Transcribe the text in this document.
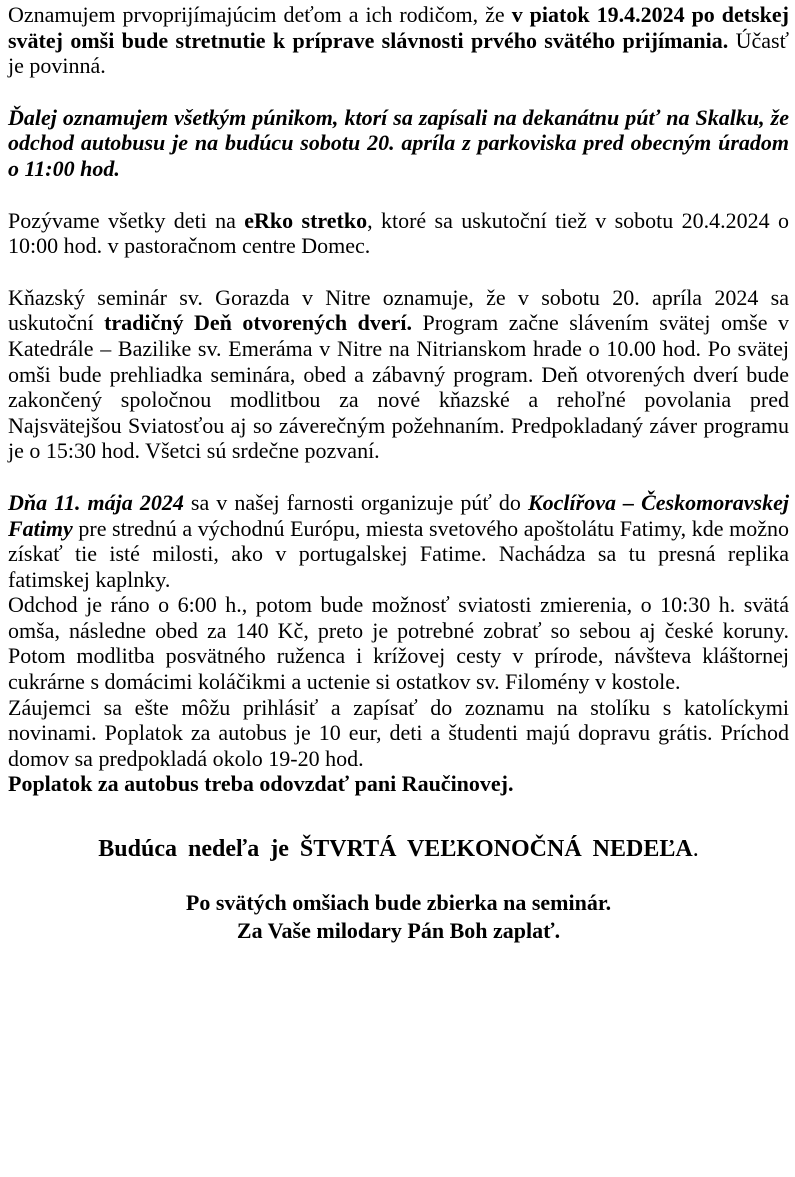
Oznamujem prvoprijímajúcim deťom a ich rodičom, že v piatok 19.4.2024 po detskej svätej omši bude stretnutie k príprave slávnosti prvého svätého prijímania. Účasť je povinná.

Ďalej oznamujem všetkým púnikom, ktorí sa zapísali na dekanátnu púť na Skalku, že odchod autobusu je na budúcu sobotu 20. apríla z parkoviska pred obecným úradom o 11:00 hod.

Pozývame všetky deti na eRko stretko, ktoré sa uskutoční tiež v sobotu 20.4.2024 o 10:00 hod. v pastoračnom centre Domec.

Kňazský seminár sv. Gorazda v Nitre oznamuje, že v sobotu 20. apríla 2024 sa uskutoční tradičný Deň otvorených dverí. Program začne slávením svätej omše v Katedrále – Bazilike sv. Emeráma v Nitre na Nitrianskom hrade o 10.00 hod. Po svätej omši bude prehliadka seminára, obed a zábavný program. Deň otvorených dverí bude zakončený spoločnou modlitbou za nové kňazské a rehoľné povolania pred Najsvätejšou Sviatosťou aj so záverečným požehnaním. Predpokladaný záver programu je o 15:30 hod. Všetci sú srdečne pozvaní.

Dňa 11. mája 2024 sa v našej farnosti organizuje púť do Koclířova – Českomoravskej Fatimy pre strednú a východnú Európu, miesta svetového apoštolátu Fatimy, kde možno získať tie isté milosti, ako v portugalskej Fatime. Nachádza sa tu presná replika fatimskej kaplnky.

Odchod je ráno o 6:00 h., potom bude možnosť sviatosti zmierenia, o 10:30 h. svätá omša, následne obed za 140 Kč, preto je potrebné zobrať so sebou aj české koruny. Potom modlitba posvätného ruženca i krížovej cesty v prírode, návšteva kláštornej cukrárne s domácimi koláčikmi a uctenie si ostatkov sv. Filomény v kostole.

Záujemci sa ešte môžu prihlásiť a zapísať do zoznamu na stolíku s katolíckymi novinami. Poplatok za autobus je 10 eur, deti a študenti majú dopravu grátis. Príchod domov sa predpokladá okolo 19-20 hod.

Poplatok za autobus treba odovzdať pani Raučinovej.

Budúca nedeľa je ŠTVRTÁ VEĽKONOČNÁ NEDEĽA.

Po svätých omšiach bude zbierka na seminár.
Za Vaše milodary Pán Boh zaplať.
